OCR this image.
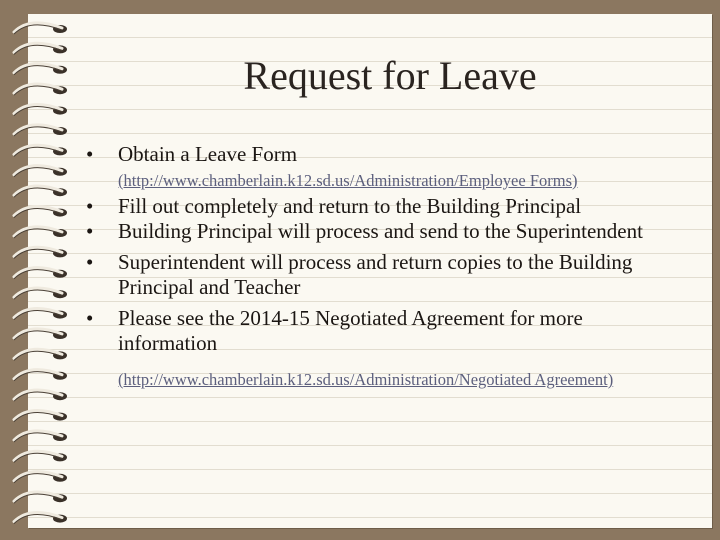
Request for Leave
• Obtain a Leave Form
(http://www.chamberlain.k12.sd.us/Administration/Employee Forms)
• Fill out completely and return to the Building Principal
• Building Principal will process and send to the Superintendent
• Superintendent will process and return copies to the Building Principal and Teacher
• Please see the 2014-15 Negotiated Agreement for more information
(http://www.chamberlain.k12.sd.us/Administration/Negotiated Agreement)
